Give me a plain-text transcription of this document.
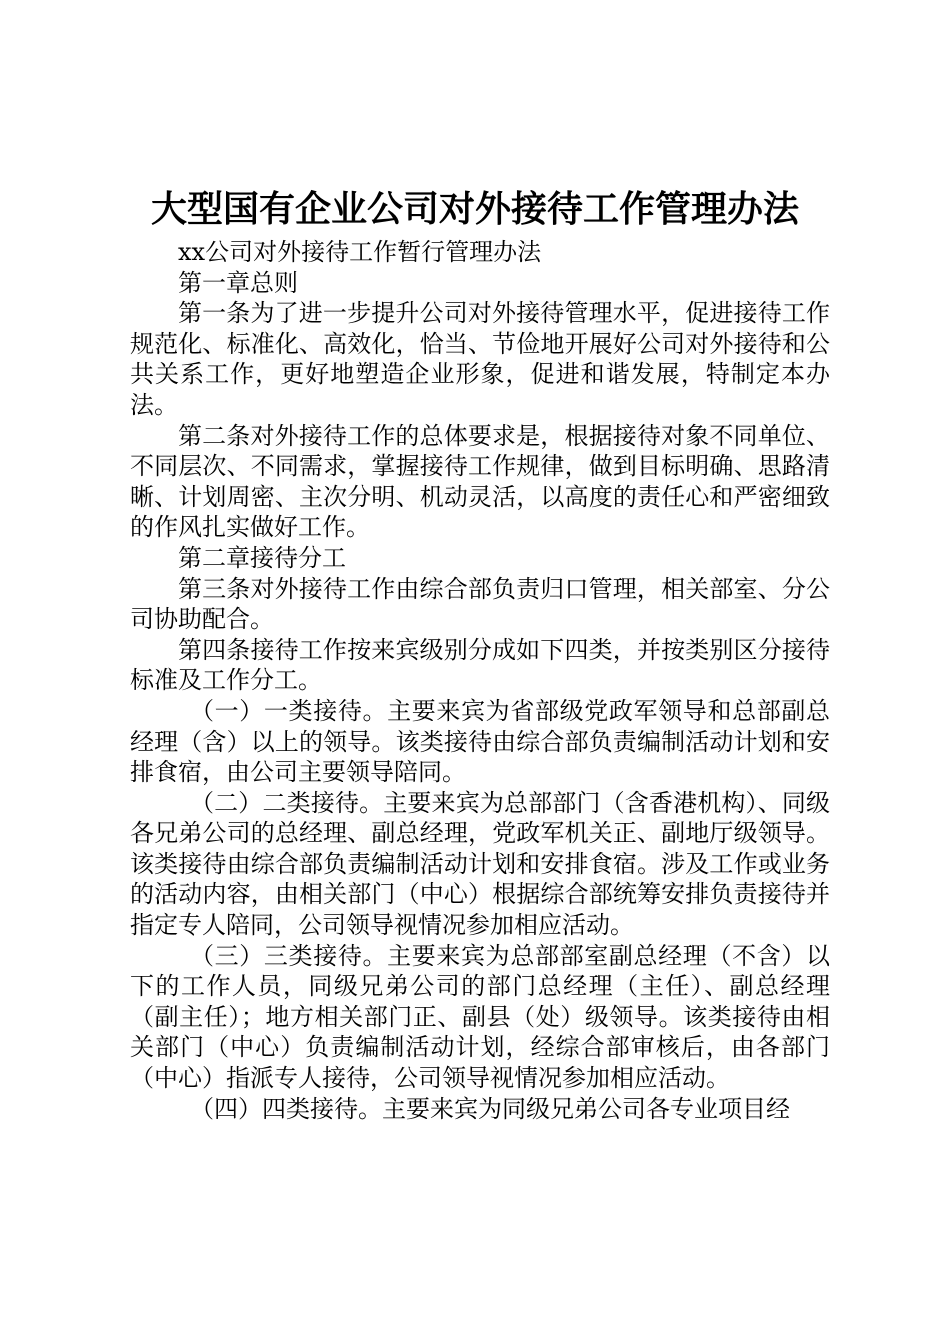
大型国有企业公司对外接待工作管理办法

xx公司对外接待工作暂行管理办法

第一章总则

第一条为了进一步提升公司对外接待管理水平，促进接待工作规范化、标准化、高效化，恰当、节俭地开展好公司对外接待和公共关系工作，更好地塑造企业形象，促进和谐发展，特制定本办法。

第二条对外接待工作的总体要求是，根据接待对象不同单位、不同层次、不同需求，掌握接待工作规律，做到目标明确、思路清晰、计划周密、主次分明、机动灵活，以高度的责任心和严密细致的作风扎实做好工作。

第二章接待分工

第三条对外接待工作由综合部负责归口管理，相关部室、分公司协助配合。

第四条接待工作按来宾级别分成如下四类，并按类别区分接待标准及工作分工。

（一）一类接待。主要来宾为省部级党政军领导和总部副总经理（含）以上的领导。该类接待由综合部负责编制活动计划和安排食宿，由公司主要领导陪同。

（二）二类接待。主要来宾为总部部门（含香港机构）、同级各兄弟公司的总经理、副总经理，党政军机关正、副地厅级领导。该类接待由综合部负责编制活动计划和安排食宿。涉及工作或业务的活动内容，由相关部门（中心）根据综合部统筹安排负责接待并指定专人陪同，公司领导视情况参加相应活动。

（三）三类接待。主要来宾为总部部室副总经理（不含）以下的工作人员，同级兄弟公司的部门总经理（主任）、副总经理（副主任）；地方相关部门正、副县（处）级领导。该类接待由相关部门（中心）负责编制活动计划，经综合部审核后，由各部门（中心）指派专人接待，公司领导视情况参加相应活动。

（四）四类接待。主要来宾为同级兄弟公司各专业项目经
